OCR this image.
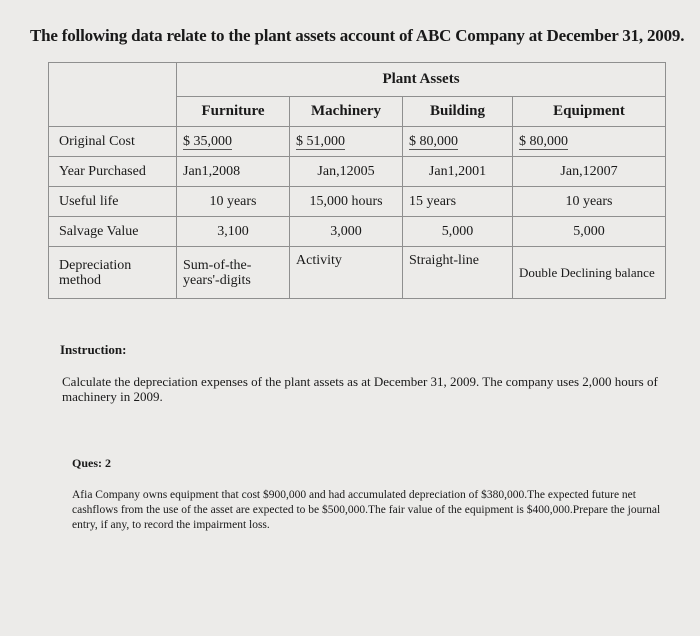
The following data relate to the plant assets account of ABC Company at December 31, 2009.
	Plant Assets			
	Furniture	Machinery	Building	Equipment
Original Cost	$ 35,000	$ 51,000	$ 80,000	$ 80,000
Year Purchased	Jan1,2008	Jan,12005	Jan1,2001	Jan,12007
Useful life	10 years	15,000 hours	15 years	10 years
Salvage Value	3,100	3,000	5,000	5,000
Depreciation method	Sum-of-the-years'-digits	Activity	Straight-line	Double Declining balance
Instruction:
Calculate the depreciation expenses of the plant assets as at December 31, 2009. The company uses 2,000 hours of machinery in 2009.
Ques: 2
Afia Company owns equipment that cost $900,000 and had accumulated depreciation of $380,000.The expected future net cashflows from the use of the asset are expected to be $500,000.The fair value of the equipment is $400,000.Prepare the journal entry, if any, to record the impairment loss.
